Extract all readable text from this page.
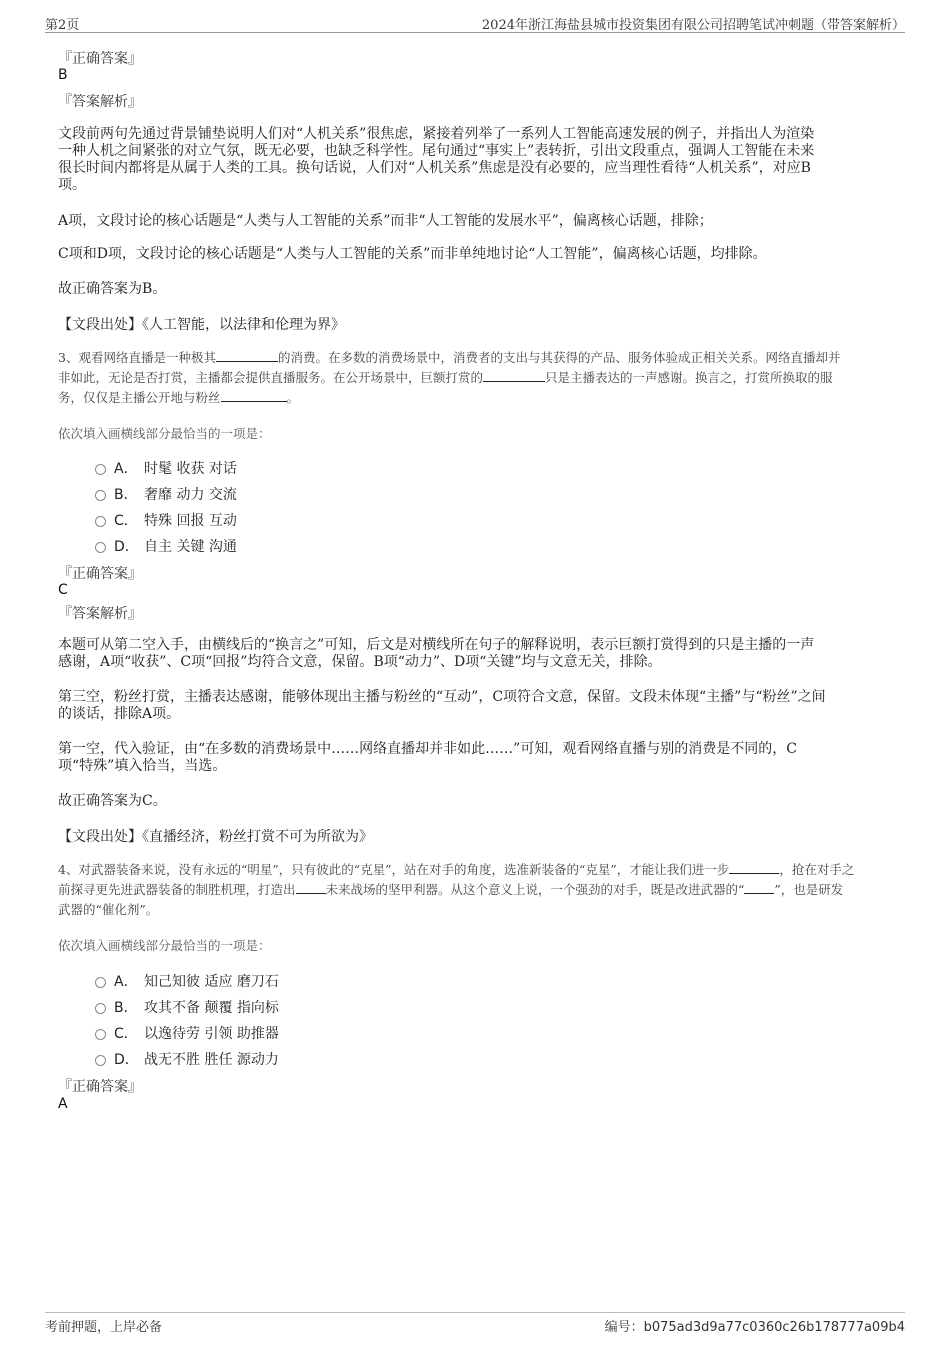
第2页	2024年浙江海盐县城市投资集团有限公司招聘笔试冲刺题（带答案解析）
『正确答案』
B
『答案解析』
文段前两句先通过背景铺垫说明人们对“人机关系”很焦虑，紧接着列举了一系列人工智能高速发展的例子，并指出人为渲染
一种人机之间紧张的对立气氛，既无必要，也缺乏科学性。尾句通过“事实上”表转折，引出文段重点，强调人工智能在未来
很长时间内都将是从属于人类的工具。换句话说，人们对“人机关系”焦虑是没有必要的，应当理性看待“人机关系”，对应B
项。
A项，文段讨论的核心话题是“人类与人工智能的关系”而非“人工智能的发展水平”，偏离核心话题，排除；
C项和D项，文段讨论的核心话题是“人类与人工智能的关系”而非单纯地讨论“人工智能”，偏离核心话题，均排除。
故正确答案为B。
【文段出处】《人工智能，以法律和伦理为界》
3、观看网络直播是一种极其	的消费。在多数的消费场景中，消费者的支出与其获得的产品、服务体验成正相关关系。网络直播却并
非如此，无论是否打赏，主播都会提供直播服务。在公开场景中，巨额打赏的	只是主播表达的一声感谢。换言之，打赏所换取的服
务，仅仅是主播公开地与粉丝	。
依次填入画横线部分最恰当的一项是：
A． 时髦 收获 对话
B． 奢靡 动力 交流
C． 特殊 回报 互动
D． 自主 关键 沟通
『正确答案』
C
『答案解析』
本题可从第二空入手，由横线后的“换言之”可知，后文是对横线所在句子的解释说明，表示巨额打赏得到的只是主播的一声
感谢，A项“收获”、C项“回报”均符合文意，保留。B项“动力”、D项“关键”均与文意无关，排除。
第三空，粉丝打赏，主播表达感谢，能够体现出主播与粉丝的“互动”，C项符合文意，保留。文段未体现“主播”与“粉丝”之间
的谈话，排除A项。
第一空，代入验证，由“在多数的消费场景中……网络直播却并非如此……”可知，观看网络直播与别的消费是不同的，C
项“特殊”填入恰当，当选。
故正确答案为C。
【文段出处】《直播经济，粉丝打赏不可为所欲为》
4、对武器装备来说，没有永远的“明星”，只有彼此的“克星”，站在对手的角度，选准新装备的“克星”，才能让我们进一步	，抢在对手之
前探寻更先进武器装备的制胜机理，打造出 未来战场的坚甲利器。从这个意义上说，一个强劲的对手，既是改进武器的“ ”，也是研发
武器的“催化剂”。
依次填入画横线部分最恰当的一项是：
A． 知己知彼 适应 磨刀石
B． 攻其不备 颠覆 指向标
C． 以逸待劳 引领 助推器
D． 战无不胜 胜任 源动力
『正确答案』
A
考前押题，上岸必备	编号：b075ad3d9a77c0360c26b178777a09b4
